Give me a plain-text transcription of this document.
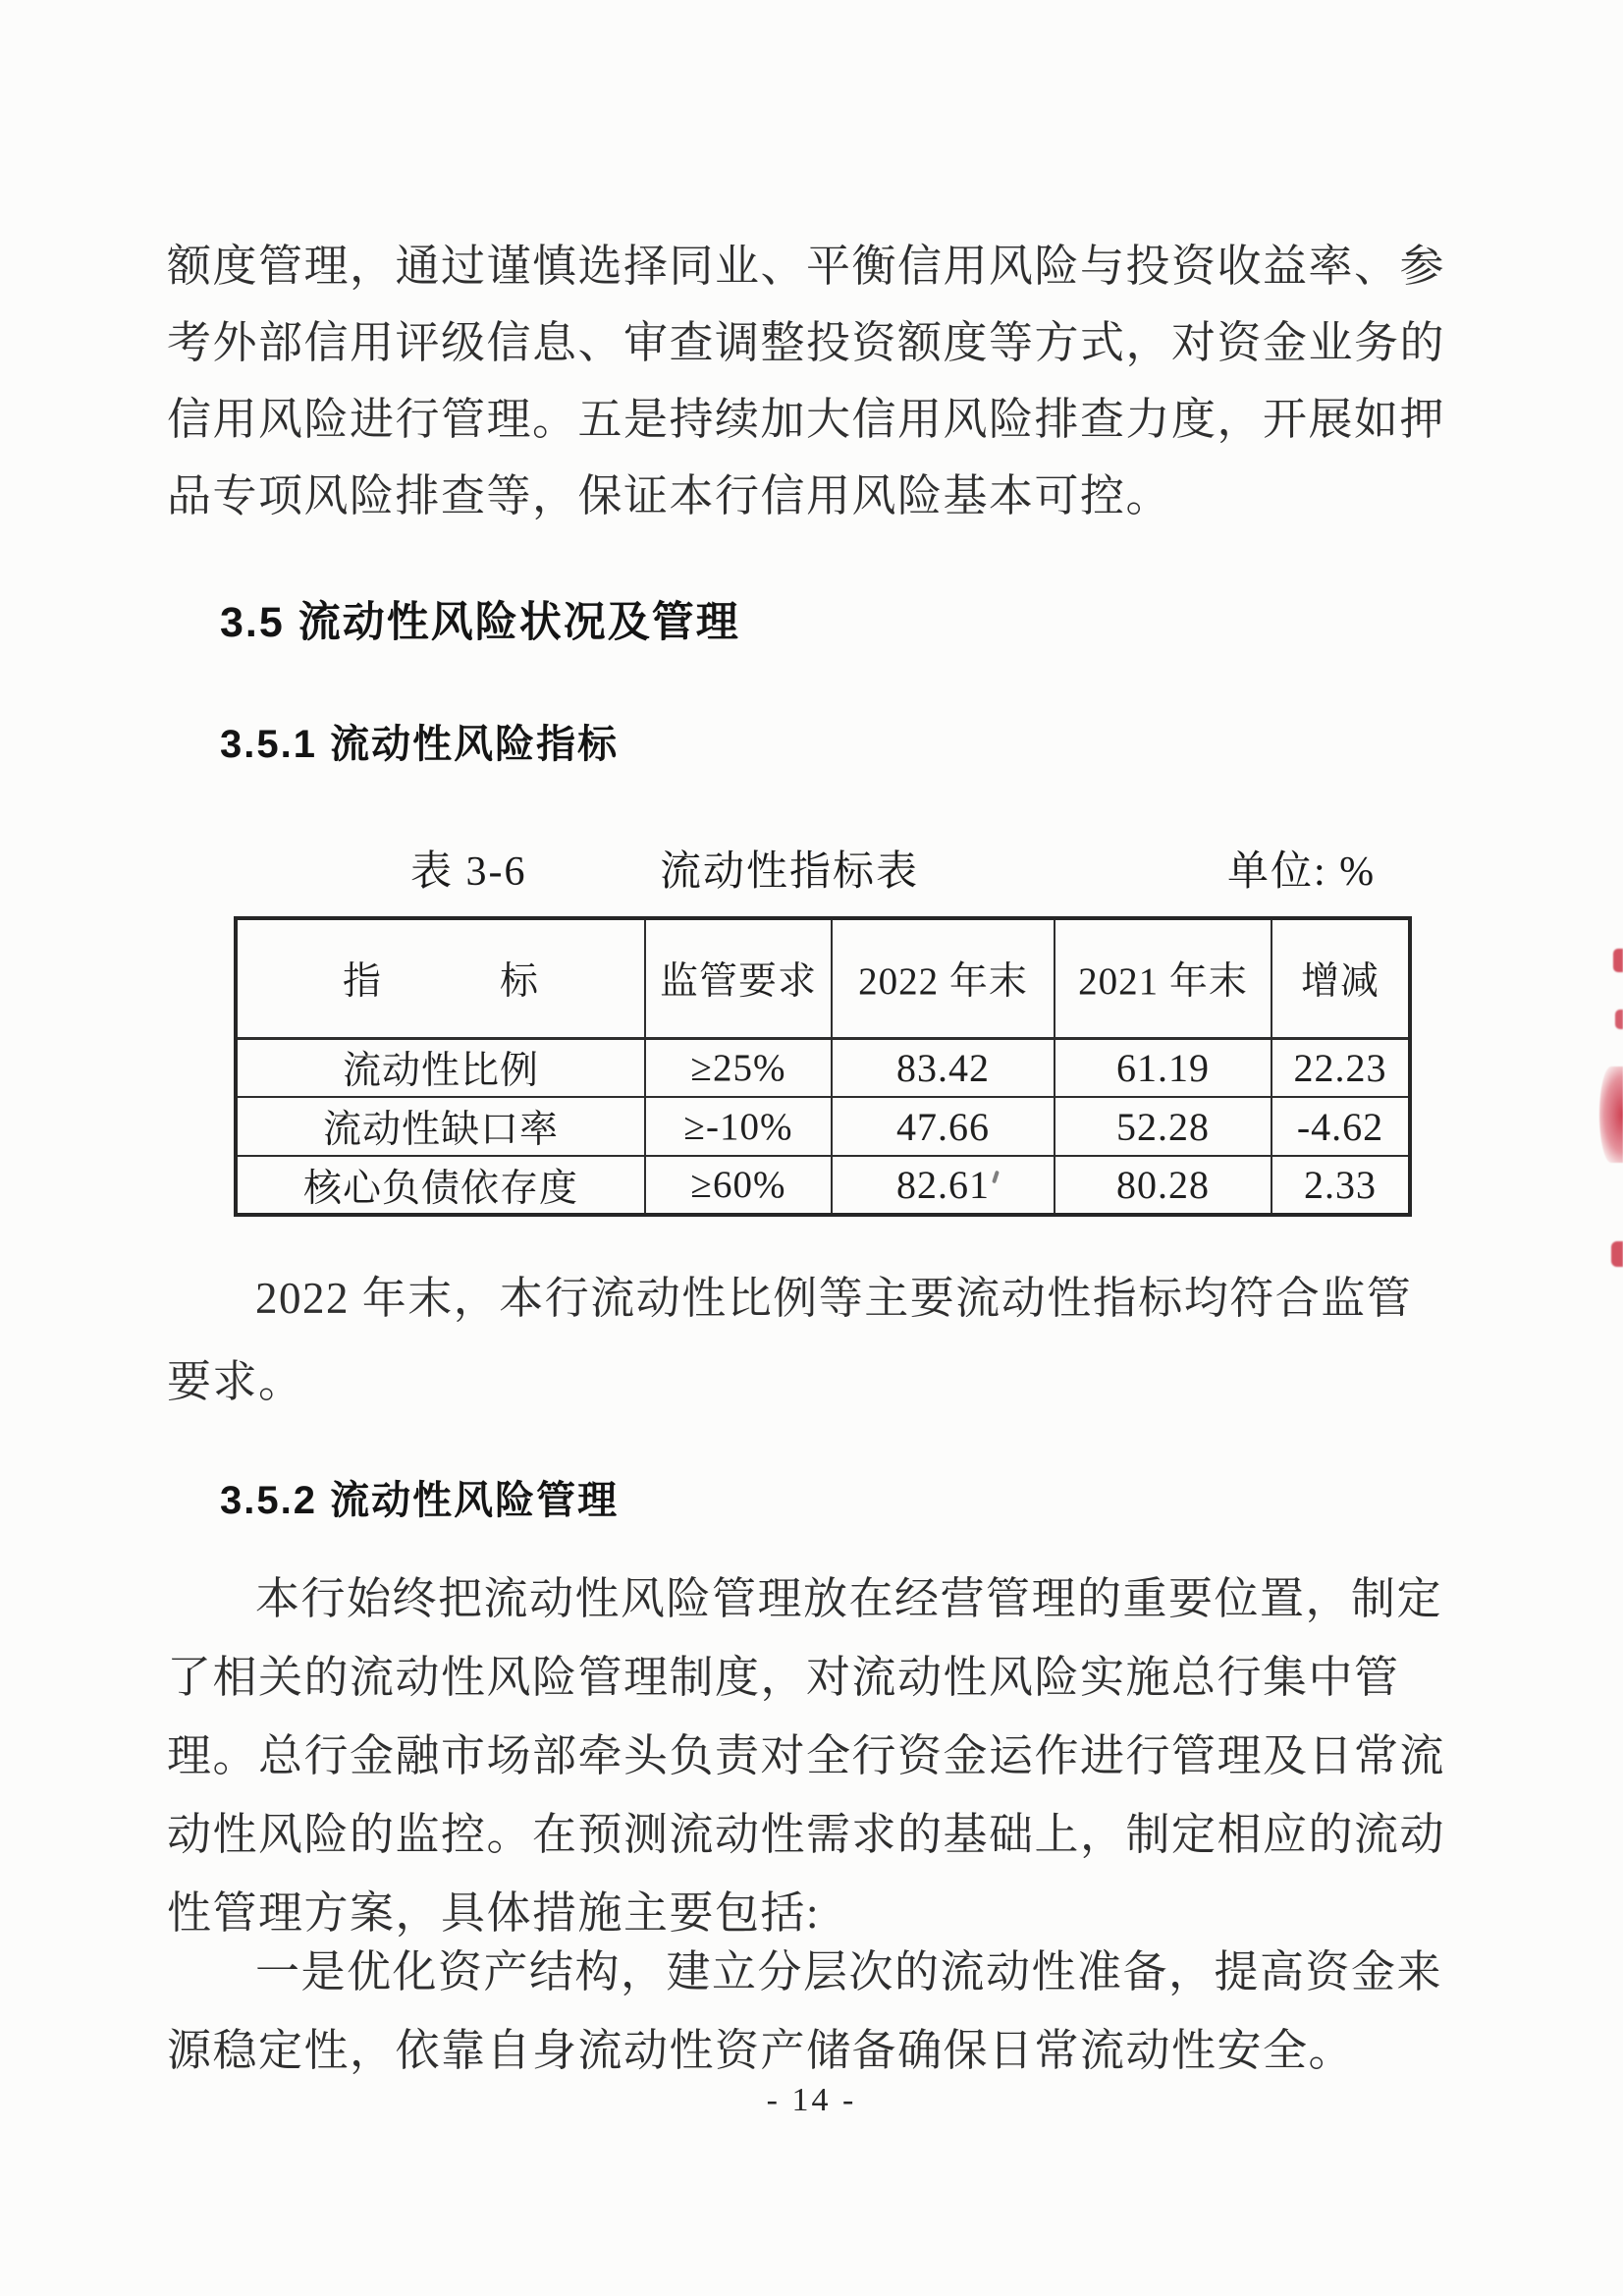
额度管理，通过谨慎选择同业、平衡信用风险与投资收益率、参
考外部信用评级信息、审查调整投资额度等方式，对资金业务的
信用风险进行管理。五是持续加大信用风险排查力度，开展如押
品专项风险排查等，保证本行信用风险基本可控。
3.5 流动性风险状况及管理
3.5.1 流动性风险指标
表 3-6	流动性指标表	单位: %
指　　　标	监管要求	2022 年末	2021 年末	增减
流动性比例	≥25%	83.42	61.19	22.23
流动性缺口率	≥-10%	47.66	52.28	-4.62
核心负债依存度	≥60%	82.61	80.28	2.33
2022 年末，本行流动性比例等主要流动性指标均符合监管
要求。
3.5.2 流动性风险管理
本行始终把流动性风险管理放在经营管理的重要位置，制定
了相关的流动性风险管理制度，对流动性风险实施总行集中管
理。总行金融市场部牵头负责对全行资金运作进行管理及日常流
动性风险的监控。在预测流动性需求的基础上，制定相应的流动
性管理方案，具体措施主要包括:
一是优化资产结构，建立分层次的流动性准备，提高资金来
源稳定性，依靠自身流动性资产储备确保日常流动性安全。
- 14 -
